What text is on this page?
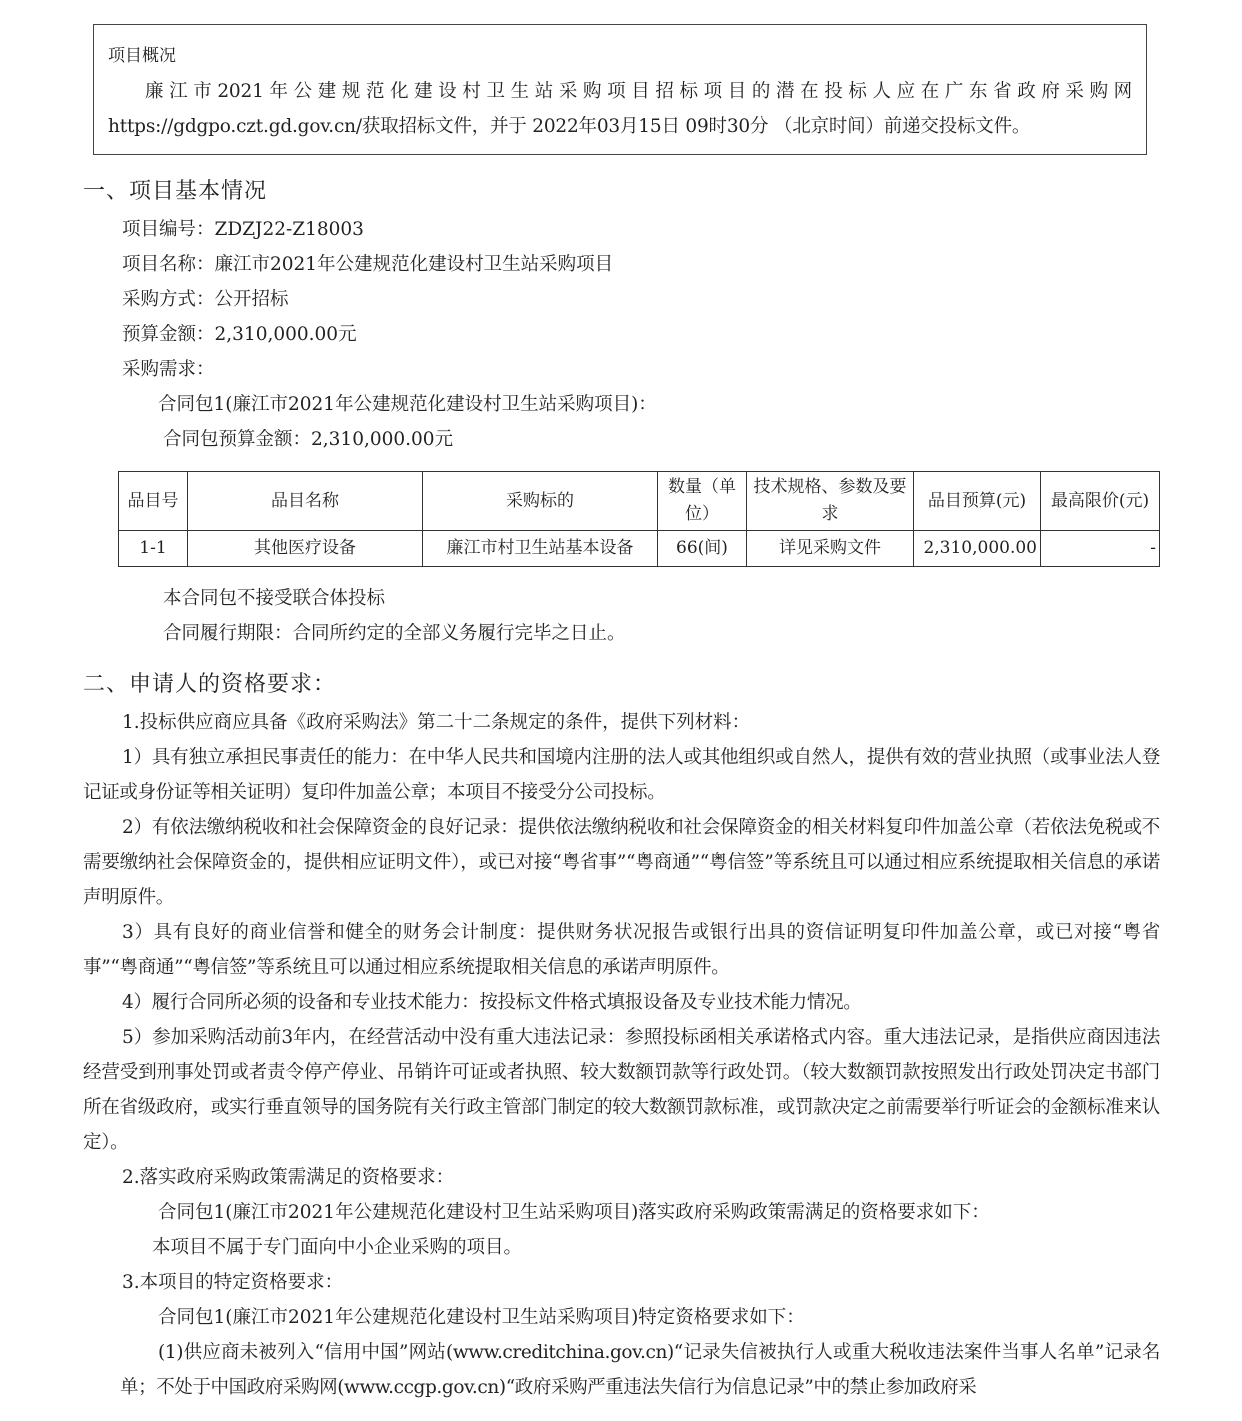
项目概况
廉江市2021年公建规范化建设村卫生站采购项目招标项目的潜在投标人应在广东省政府采购网https://gdgpo.czt.gd.gov.cn/获取招标文件，并于 2022年03月15日 09时30分 （北京时间）前递交投标文件。
一、项目基本情况
项目编号：ZDZJ22-Z18003
项目名称：廉江市2021年公建规范化建设村卫生站采购项目
采购方式：公开招标
预算金额：2,310,000.00元
采购需求：
合同包1(廉江市2021年公建规范化建设村卫生站采购项目)：
合同包预算金额：2,310,000.00元
品目号	品目名称	采购标的	数量（单位）	技术规格、参数及要求	品目预算(元)	最高限价(元)
1-1	其他医疗设备	廉江市村卫生站基本设备	66(间)	详见采购文件	2,310,000.00	-
本合同包不接受联合体投标
合同履行期限：合同所约定的全部义务履行完毕之日止。
二、申请人的资格要求：
1.投标供应商应具备《政府采购法》第二十二条规定的条件，提供下列材料：
1）具有独立承担民事责任的能力：在中华人民共和国境内注册的法人或其他组织或自然人，提供有效的营业执照（或事业法人登记证或身份证等相关证明）复印件加盖公章；本项目不接受分公司投标。
2）有依法缴纳税收和社会保障资金的良好记录：提供依法缴纳税收和社会保障资金的相关材料复印件加盖公章（若依法免税或不需要缴纳社会保障资金的，提供相应证明文件），或已对接“粤省事”“粤商通”“粤信签”等系统且可以通过相应系统提取相关信息的承诺声明原件。
3）具有良好的商业信誉和健全的财务会计制度：提供财务状况报告或银行出具的资信证明复印件加盖公章，或已对接“粤省事”“粤商通”“粤信签”等系统且可以通过相应系统提取相关信息的承诺声明原件。
4）履行合同所必须的设备和专业技术能力：按投标文件格式填报设备及专业技术能力情况。
5）参加采购活动前3年内，在经营活动中没有重大违法记录：参照投标函相关承诺格式内容。重大违法记录，是指供应商因违法经营受到刑事处罚或者责令停产停业、吊销许可证或者执照、较大数额罚款等行政处罚。（较大数额罚款按照发出行政处罚决定书部门所在省级政府，或实行垂直领导的国务院有关行政主管部门制定的较大数额罚款标准，或罚款决定之前需要举行听证会的金额标准来认定）。
2.落实政府采购政策需满足的资格要求：
合同包1(廉江市2021年公建规范化建设村卫生站采购项目)落实政府采购政策需满足的资格要求如下：
本项目不属于专门面向中小企业采购的项目。
3.本项目的特定资格要求：
合同包1(廉江市2021年公建规范化建设村卫生站采购项目)特定资格要求如下：
(1)供应商未被列入“信用中国”网站(www.creditchina.gov.cn)“记录失信被执行人或重大税收违法案件当事人名单”记录名单；不处于中国政府采购网(www.ccgp.gov.cn)“政府采购严重违法失信行为信息记录”中的禁止参加政府采
